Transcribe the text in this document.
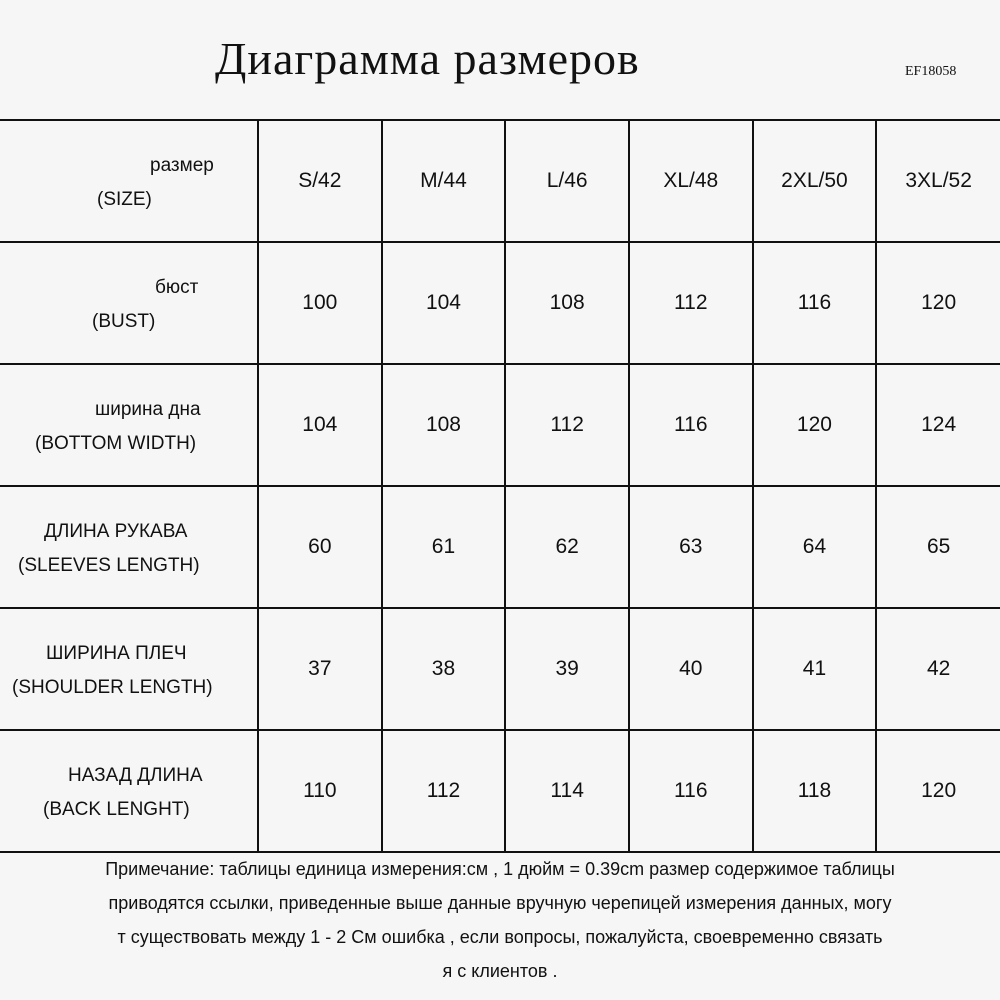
Диаграмма размеров	EF18058
размер
(SIZE)	S/42	M/44	L/46	XL/48	2XL/50	3XL/52

бюст
(BUST)	100	104	108	112	116	120

ширина дна
(BOTTOM WIDTH)	104	108	112	116	120	124

ДЛИНА РУКАВА
(SLEEVES LENGTH)	60	61	62	63	64	65

ШИРИНА ПЛЕЧ
(SHOULDER LENGTH)	37	38	39	40	41	42

НАЗАД ДЛИНА
(BACK LENGHT)	110	112	114	116	118	120
Примечание: таблицы единица измерения:см , 1 дюйм = 0.39cm размер содержимое таблицы
приводятся ссылки, приведенные выше данные вручную черепицей измерения данных, могу
т существовать между 1 - 2 См ошибка , если вопросы, пожалуйста, своевременно связать
я с клиентов .
